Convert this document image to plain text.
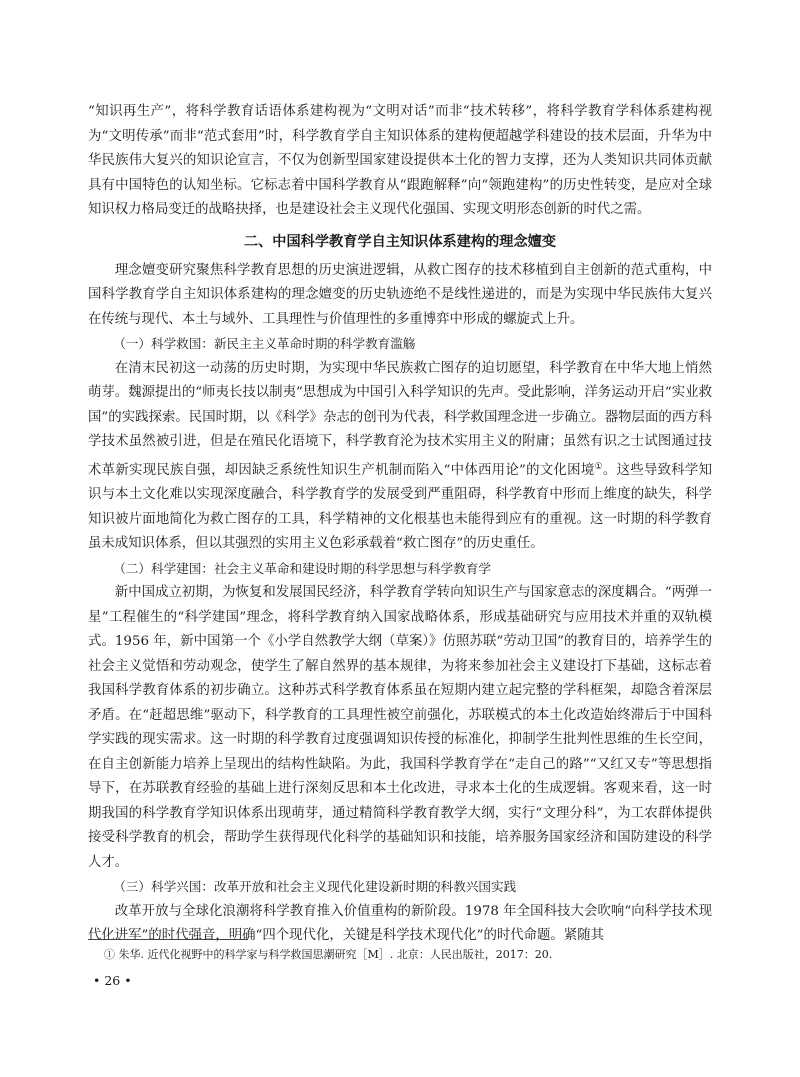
“知识再生产”，将科学教育话语体系建构视为“文明对话”而非“技术转移”，将科学教育学科体系建构视为“文明传承”而非“范式套用”时，科学教育学自主知识体系的建构便超越学科建设的技术层面，升华为中华民族伟大复兴的知识论宣言，不仅为创新型国家建设提供本土化的智力支撑，还为人类知识共同体贡献具有中国特色的认知坐标。它标志着中国科学教育从“跟跑解释”向“领跑建构”的历史性转变，是应对全球知识权力格局变迁的战略抉择，也是建设社会主义现代化强国、实现文明形态创新的时代之需。

二、中国科学教育学自主知识体系建构的理念嬗变

理念嬗变研究聚焦科学教育思想的历史演进逻辑，从救亡图存的技术移植到自主创新的范式重构，中国科学教育学自主知识体系建构的理念嬗变的历史轨迹绝不是线性递进的，而是为实现中华民族伟大复兴在传统与现代、本土与域外、工具理性与价值理性的多重博弈中形成的螺旋式上升。

（一）科学救国：新民主主义革命时期的科学教育滥觞

在清末民初这一动荡的历史时期，为实现中华民族救亡图存的迫切愿望，科学教育在中华大地上悄然萌芽。魏源提出的“师夷长技以制夷”思想成为中国引入科学知识的先声。受此影响，洋务运动开启“实业救国”的实践探索。民国时期，以《科学》杂志的创刊为代表，科学救国理念进一步确立。器物层面的西方科学技术虽然被引进，但是在殖民化语境下，科学教育沦为技术实用主义的附庸；虽然有识之士试图通过技术革新实现民族自强，却因缺乏系统性知识生产机制而陷入“中体西用论”的文化困境①。这些导致科学知识与本土文化难以实现深度融合，科学教育学的发展受到严重阻碍，科学教育中形而上维度的缺失，科学知识被片面地简化为救亡图存的工具，科学精神的文化根基也未能得到应有的重视。这一时期的科学教育虽未成知识体系，但以其强烈的实用主义色彩承载着“救亡图存”的历史重任。

（二）科学建国：社会主义革命和建设时期的科学思想与科学教育学

新中国成立初期，为恢复和发展国民经济，科学教育学转向知识生产与国家意志的深度耦合。“两弹一星”工程催生的“科学建国”理念，将科学教育纳入国家战略体系，形成基础研究与应用技术并重的双轨模式。1956 年，新中国第一个《小学自然教学大纲（草案）》仿照苏联“劳动卫国”的教育目的，培养学生的社会主义觉悟和劳动观念，使学生了解自然界的基本规律，为将来参加社会主义建设打下基础，这标志着我国科学教育体系的初步确立。这种苏式科学教育体系虽在短期内建立起完整的学科框架，却隐含着深层矛盾。在“赶超思维”驱动下，科学教育的工具理性被空前强化，苏联模式的本土化改造始终滞后于中国科学实践的现实需求。这一时期的科学教育过度强调知识传授的标准化，抑制学生批判性思维的生长空间，在自主创新能力培养上呈现出的结构性缺陷。为此，我国科学教育学在“走自己的路”“又红又专”等思想指导下，在苏联教育经验的基础上进行深刻反思和本土化改进，寻求本土化的生成逻辑。客观来看，这一时期我国的科学教育学知识体系出现萌芽，通过精简科学教育教学大纲，实行“文理分科”，为工农群体提供接受科学教育的机会，帮助学生获得现代化科学的基础知识和技能，培养服务国家经济和国防建设的科学人才。

（三）科学兴国：改革开放和社会主义现代化建设新时期的科教兴国实践

改革开放与全球化浪潮将科学教育推入价值重构的新阶段。1978 年全国科技大会吹响“向科学技术现代化进军”的时代强音，明确“四个现代化，关键是科学技术现代化”的时代命题。紧随其

① 朱华. 近代化视野中的科学家与科学救国思潮研究［M］. 北京：人民出版社，2017：20.
• 26 •
